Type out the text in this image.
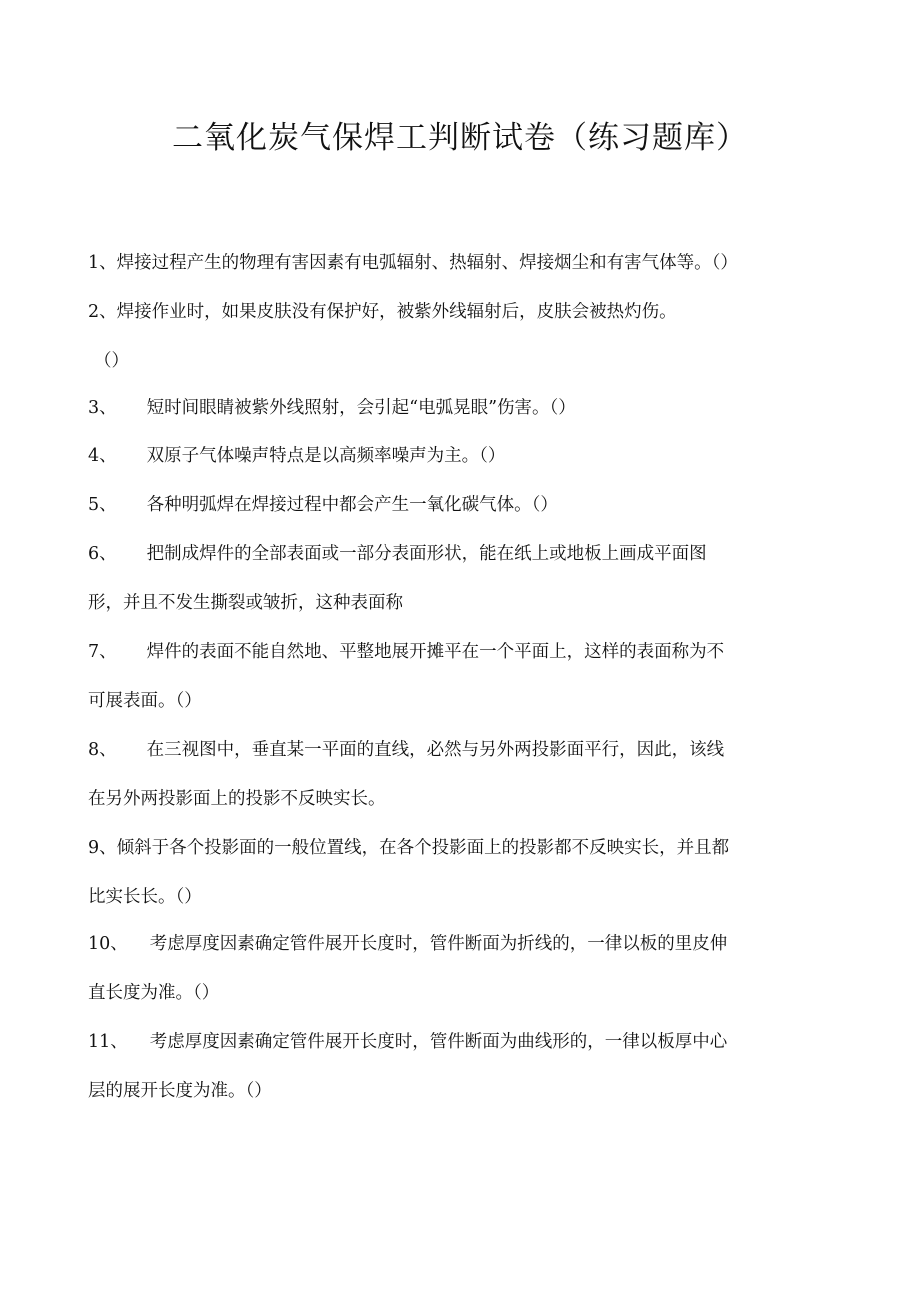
二氧化炭气保焊工判断试卷（练习题库）
1、焊接过程产生的物理有害因素有电弧辐射、热辐射、焊接烟尘和有害气体等。（）
2、焊接作业时，如果皮肤没有保护好，被紫外线辐射后，皮肤会被热灼伤。
（）
3、 短时间眼睛被紫外线照射，会引起“电弧晃眼”伤害。（）
4、 双原子气体噪声特点是以高频率噪声为主。（）
5、 各种明弧焊在焊接过程中都会产生一氧化碳气体。（）
6、 把制成焊件的全部表面或一部分表面形状，能在纸上或地板上画成平面图
形，并且不发生撕裂或皱折，这种表面称
7、 焊件的表面不能自然地、平整地展开摊平在一个平面上，这样的表面称为不
可展表面。（）
8、 在三视图中，垂直某一平面的直线，必然与另外两投影面平行，因此，该线
在另外两投影面上的投影不反映实长。
9、倾斜于各个投影面的一般位置线，在各个投影面上的投影都不反映实长，并且都
比实长长。（）
10、 考虑厚度因素确定管件展开长度时，管件断面为折线的，一律以板的里皮伸
直长度为准。（）
11、 考虑厚度因素确定管件展开长度时，管件断面为曲线形的，一律以板厚中心
层的展开长度为准。（）
